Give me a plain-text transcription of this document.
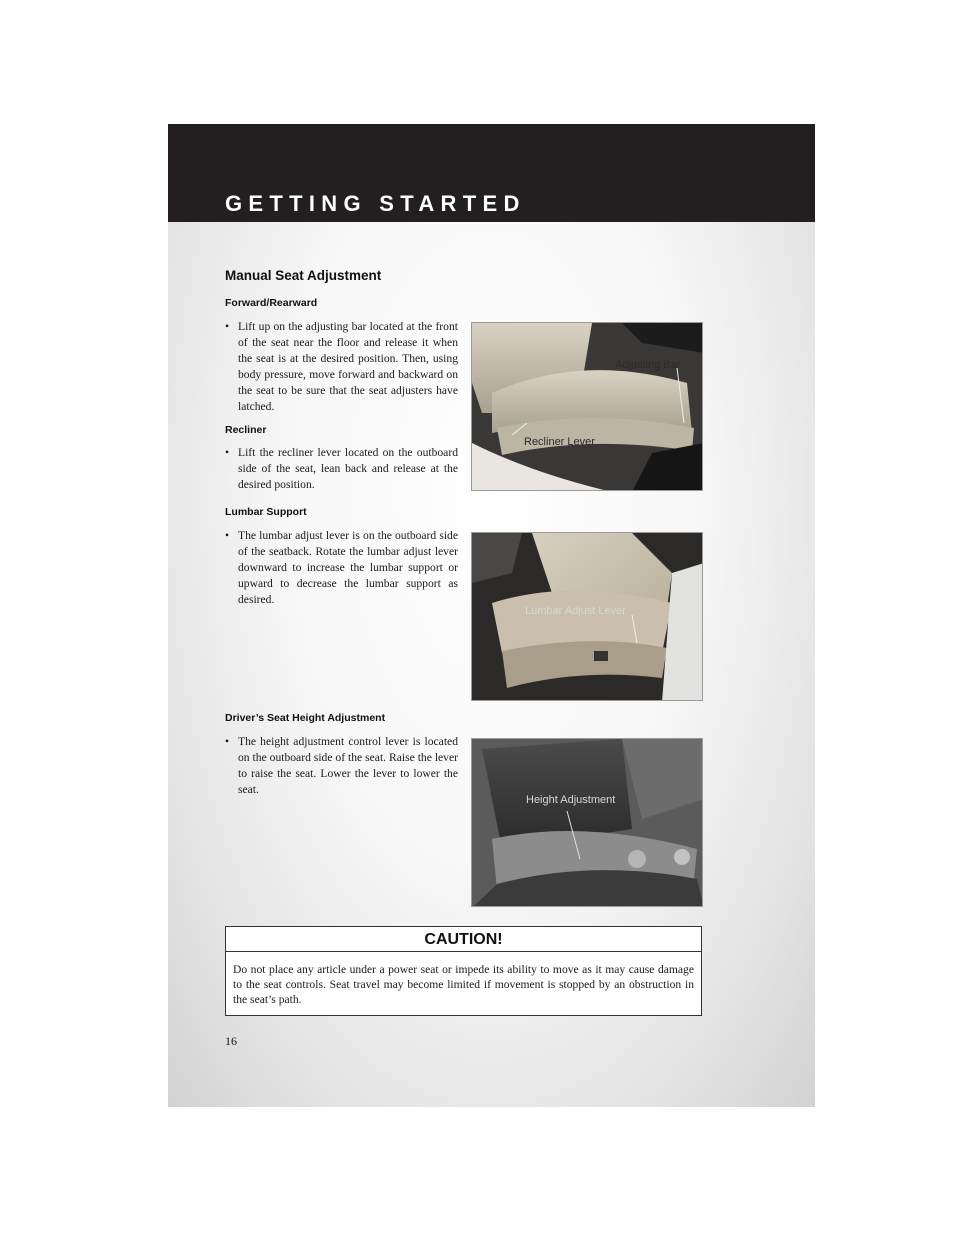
GETTING STARTED
Manual Seat Adjustment
Forward/Rearward
• Lift up on the adjusting bar located at the front of the seat near the floor and release it when the seat is at the desired position. Then, using body pressure, move forward and backward on the seat to be sure that the seat adjusters have latched.
Recliner
• Lift the recliner lever located on the outboard side of the seat, lean back and release at the desired position.
Lumbar Support
• The lumbar adjust lever is on the outboard side of the seatback. Rotate the lumbar adjust lever downward to increase the lumbar support or upward to decrease the lumbar support as desired.
Driver’s Seat Height Adjustment
• The height adjustment control lever is located on the outboard side of the seat. Raise the lever to raise the seat. Lower the lever to lower the seat.
Adjusting Bar
Recliner Lever
Lumbar Adjust Lever
Height Adjustment
CAUTION!
Do not place any article under a power seat or impede its ability to move as it may cause damage to the seat controls. Seat travel may become limited if movement is stopped by an obstruction in the seat’s path.
16
